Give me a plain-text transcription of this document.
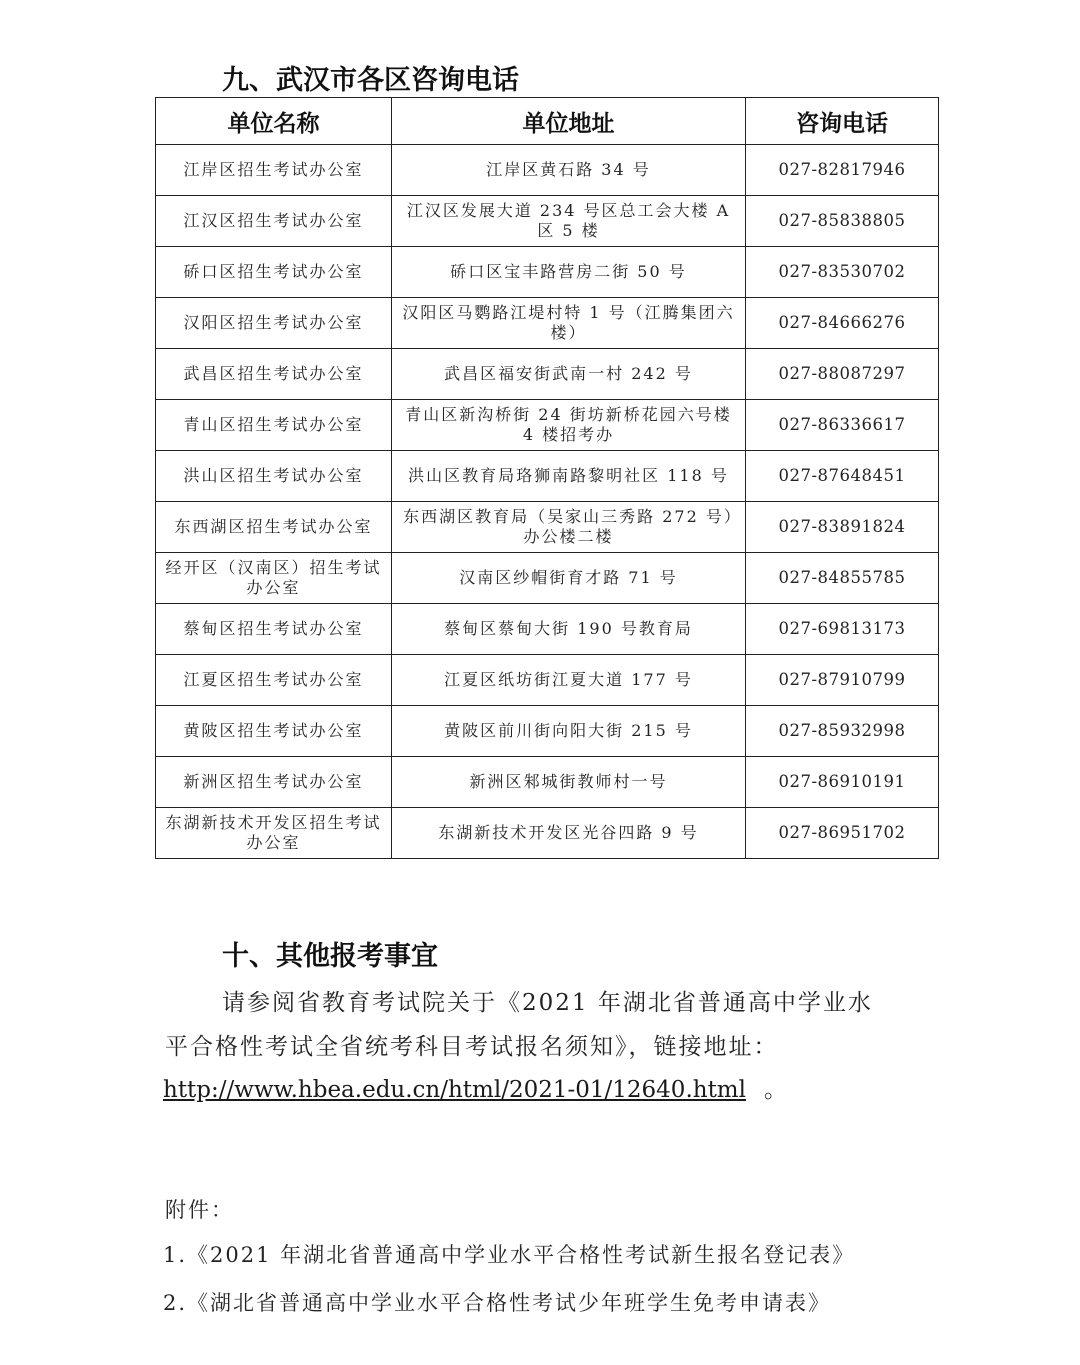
九、武汉市各区咨询电话
单位名称	单位地址	咨询电话
江岸区招生考试办公室	江岸区黄石路 34 号	027-82817946
江汉区招生考试办公室	江汉区发展大道 234 号区总工会大楼 A 区 5 楼	027-85838805
硚口区招生考试办公室	硚口区宝丰路营房二街 50 号	027-83530702
汉阳区招生考试办公室	汉阳区马鹦路江堤村特 1 号（江腾集团六楼）	027-84666276
武昌区招生考试办公室	武昌区福安街武南一村 242 号	027-88087297
青山区招生考试办公室	青山区新沟桥街 24 街坊新桥花园六号楼 4 楼招考办	027-86336617
洪山区招生考试办公室	洪山区教育局珞狮南路黎明社区 118 号	027-87648451
东西湖区招生考试办公室	东西湖区教育局（吴家山三秀路 272 号）办公楼二楼	027-83891824
经开区（汉南区）招生考试办公室	汉南区纱帽街育才路 71 号	027-84855785
蔡甸区招生考试办公室	蔡甸区蔡甸大街 190 号教育局	027-69813173
江夏区招生考试办公室	江夏区纸坊街江夏大道 177 号	027-87910799
黄陂区招生考试办公室	黄陂区前川街向阳大街 215 号	027-85932998
新洲区招生考试办公室	新洲区邾城街教师村一号	027-86910191
东湖新技术开发区招生考试办公室	东湖新技术开发区光谷四路 9 号	027-86951702
十、其他报考事宜
请参阅省教育考试院关于《2021 年湖北省普通高中学业水
平合格性考试全省统考科目考试报名须知》，链接地址：
http://www.hbea.edu.cn/html/2021-01/12640.html 。
附件：
1.《2021 年湖北省普通高中学业水平合格性考试新生报名登记表》
2.《湖北省普通高中学业水平合格性考试少年班学生免考申请表》
